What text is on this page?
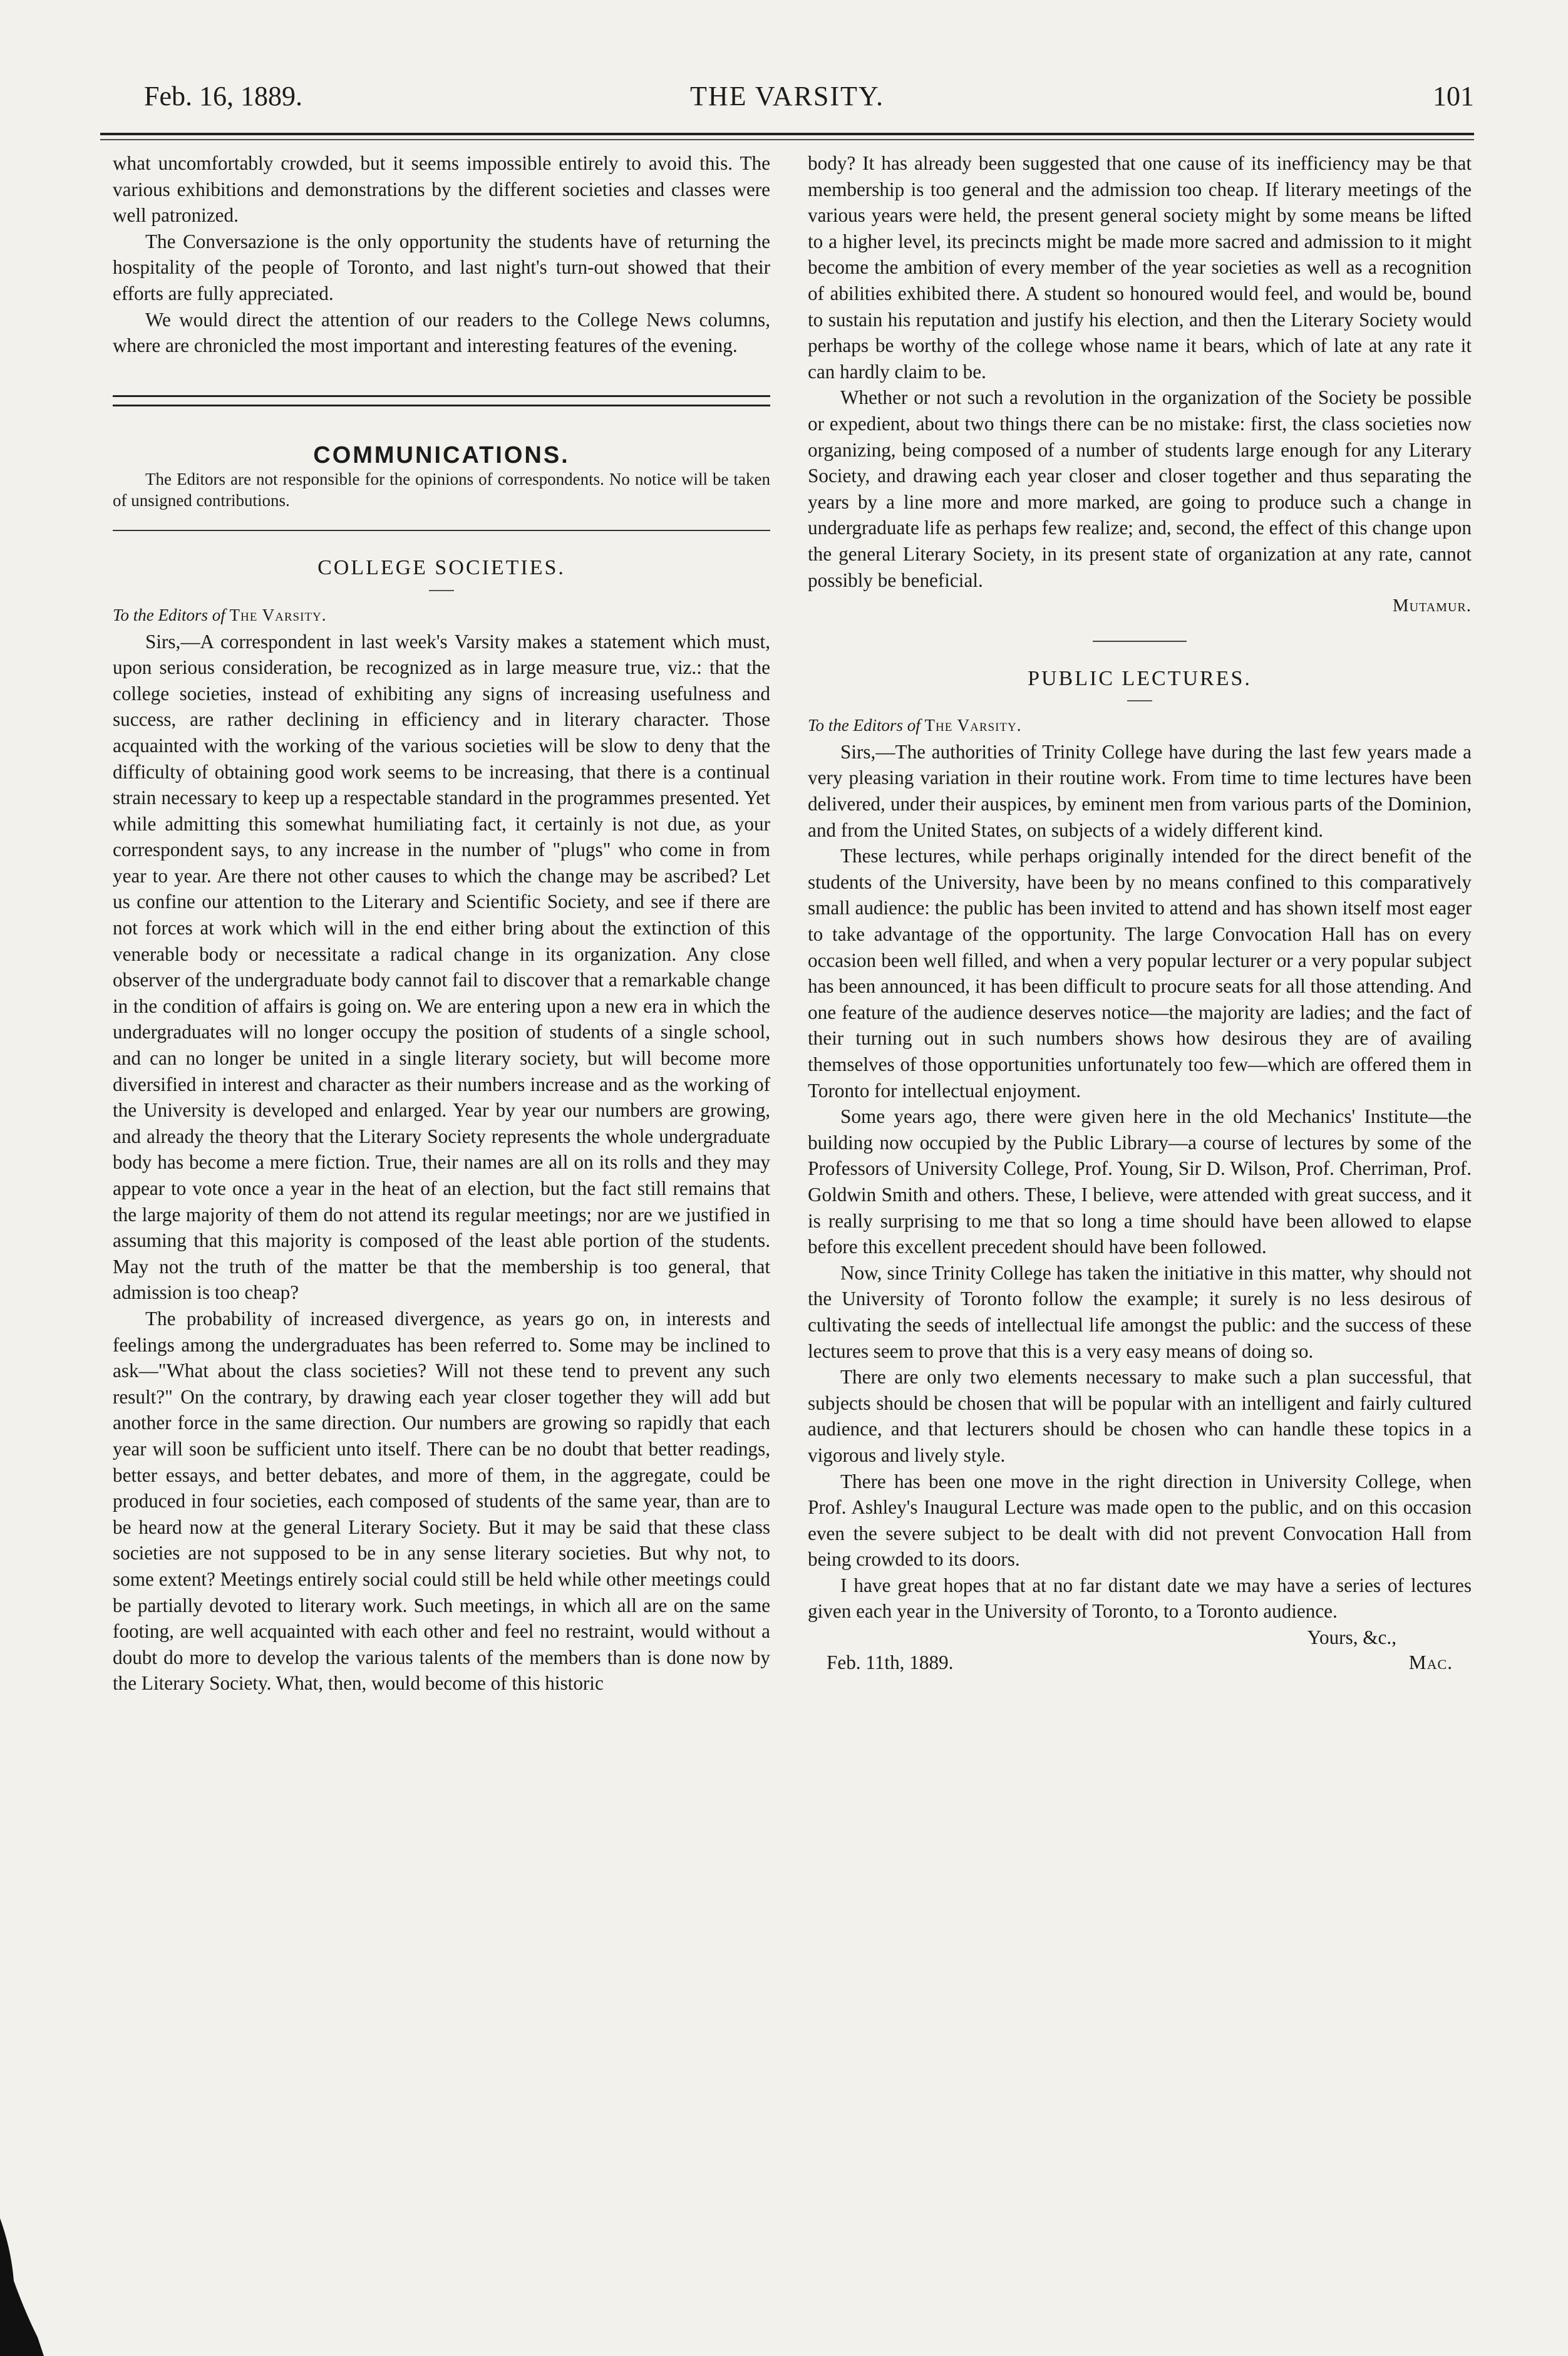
Feb. 16, 1889.	THE VARSITY.	101

what uncomfortably crowded, but it seems impossible entirely to avoid this. The various exhibitions and demonstrations by the different societies and classes were well patronized.

The Conversazione is the only opportunity the students have of returning the hospitality of the people of Toronto, and last night's turn-out showed that their efforts are fully appreciated.

We would direct the attention of our readers to the College News columns, where are chronicled the most important and interesting features of the evening.

COMMUNICATIONS.

The Editors are not responsible for the opinions of correspondents. No notice will be taken of unsigned contributions.

COLLEGE SOCIETIES.
To the Editors of The Varsity.

Sirs,—A correspondent in last week's Varsity makes a statement which must, upon serious consideration, be recognized as in large measure true, viz.: that the college societies, instead of exhibiting any signs of increasing usefulness and success, are rather declining in efficiency and in literary character. Those acquainted with the working of the various societies will be slow to deny that the difficulty of obtaining good work seems to be increasing, that there is a continual strain necessary to keep up a respectable standard in the programmes presented. Yet while admitting this somewhat humiliating fact, it certainly is not due, as your correspondent says, to any increase in the number of "plugs" who come in from year to year. Are there not other causes to which the change may be ascribed? Let us confine our attention to the Literary and Scientific Society, and see if there are not forces at work which will in the end either bring about the extinction of this venerable body or necessitate a radical change in its organization. Any close observer of the undergraduate body cannot fail to discover that a remarkable change in the condition of affairs is going on. We are entering upon a new era in which the undergraduates will no longer occupy the position of students of a single school, and can no longer be united in a single literary society, but will become more diversified in interest and character as their numbers increase and as the working of the University is developed and enlarged. Year by year our numbers are growing, and already the theory that the Literary Society represents the whole undergraduate body has become a mere fiction. True, their names are all on its rolls and they may appear to vote once a year in the heat of an election, but the fact still remains that the large majority of them do not attend its regular meetings; nor are we justified in assuming that this majority is composed of the least able portion of the students. May not the truth of the matter be that the membership is too general, that admission is too cheap?

The probability of increased divergence, as years go on, in interests and feelings among the undergraduates has been referred to. Some may be inclined to ask—"What about the class societies? Will not these tend to prevent any such result?" On the contrary, by drawing each year closer together they will add but another force in the same direction. Our numbers are growing so rapidly that each year will soon be sufficient unto itself. There can be no doubt that better readings, better essays, and better debates, and more of them, in the aggregate, could be produced in four societies, each composed of students of the same year, than are to be heard now at the general Literary Society. But it may be said that these class societies are not supposed to be in any sense literary societies. But why not, to some extent? Meetings entirely social could still be held while other meetings could be partially devoted to literary work. Such meetings, in which all are on the same footing, are well acquainted with each other and feel no restraint, would without a doubt do more to develop the various talents of the members than is done now by the Literary Society. What, then, would become of this historic

body? It has already been suggested that one cause of its inefficiency may be that membership is too general and the admission too cheap. If literary meetings of the various years were held, the present general society might by some means be lifted to a higher level, its precincts might be made more sacred and admission to it might become the ambition of every member of the year societies as well as a recognition of abilities exhibited there. A student so honoured would feel, and would be, bound to sustain his reputation and justify his election, and then the Literary Society would perhaps be worthy of the college whose name it bears, which of late at any rate it can hardly claim to be.

Whether or not such a revolution in the organization of the Society be possible or expedient, about two things there can be no mistake: first, the class societies now organizing, being composed of a number of students large enough for any Literary Society, and drawing each year closer and closer together and thus separating the years by a line more and more marked, are going to produce such a change in undergraduate life as perhaps few realize; and, second, the effect of this change upon the general Literary Society, in its present state of organization at any rate, cannot possibly be beneficial.

Mutamur.
PUBLIC LECTURES.
To the Editors of The Varsity.

Sirs,—The authorities of Trinity College have during the last few years made a very pleasing variation in their routine work. From time to time lectures have been delivered, under their auspices, by eminent men from various parts of the Dominion, and from the United States, on subjects of a widely different kind.

These lectures, while perhaps originally intended for the direct benefit of the students of the University, have been by no means confined to this comparatively small audience: the public has been invited to attend and has shown itself most eager to take advantage of the opportunity. The large Convocation Hall has on every occasion been well filled, and when a very popular lecturer or a very popular subject has been announced, it has been difficult to procure seats for all those attending. And one feature of the audience deserves notice—the majority are ladies; and the fact of their turning out in such numbers shows how desirous they are of availing themselves of those opportunities unfortunately too few—which are offered them in Toronto for intellectual enjoyment.

Some years ago, there were given here in the old Mechanics' Institute—the building now occupied by the Public Library—a course of lectures by some of the Professors of University College, Prof. Young, Sir D. Wilson, Prof. Cherriman, Prof. Goldwin Smith and others. These, I believe, were attended with great success, and it is really surprising to me that so long a time should have been allowed to elapse before this excellent precedent should have been followed.

Now, since Trinity College has taken the initiative in this matter, why should not the University of Toronto follow the example; it surely is no less desirous of cultivating the seeds of intellectual life amongst the public: and the success of these lectures seem to prove that this is a very easy means of doing so.

There are only two elements necessary to make such a plan successful, that subjects should be chosen that will be popular with an intelligent and fairly cultured audience, and that lecturers should be chosen who can handle these topics in a vigorous and lively style.

There has been one move in the right direction in University College, when Prof. Ashley's Inaugural Lecture was made open to the public, and on this occasion even the severe subject to be dealt with did not prevent Convocation Hall from being crowded to its doors.

I have great hopes that at no far distant date we may have a series of lectures given each year in the University of Toronto, to a Toronto audience.

Yours, &c.,
Feb. 11th, 1889.	Mac.
